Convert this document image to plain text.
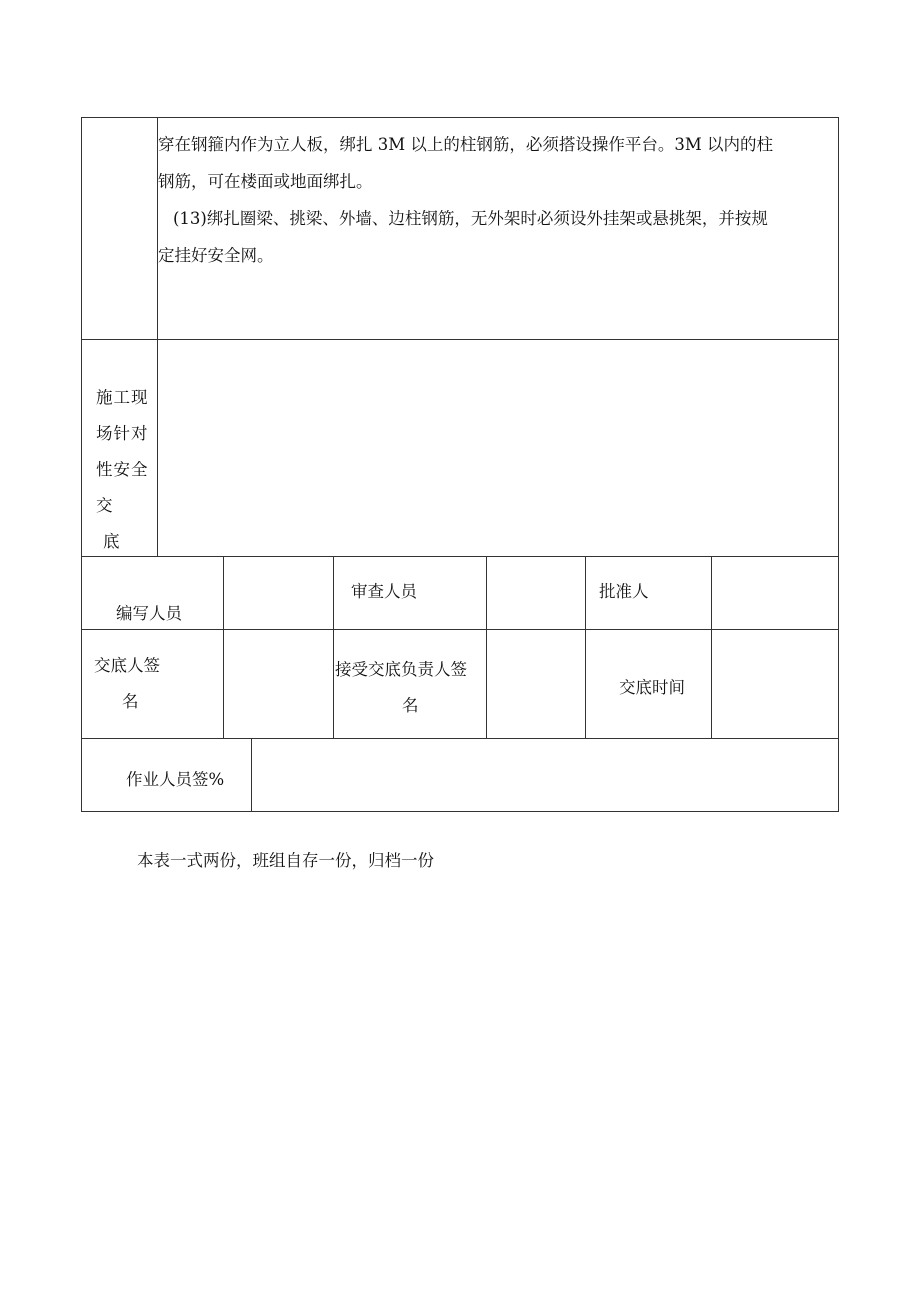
穿在钢箍内作为立人板，绑扎 3M 以上的柱钢筋，必须搭设操作平台。3M 以内的柱

钢筋，可在楼面或地面绑扎。

(13)绑扎圈梁、挑梁、外墙、边柱钢筋，无外架时必须设外挂架或悬挑架，并按规

定挂好安全网。

施工现
场针对
性安全
交
底
编写人员
审查人员	批准人
交底人签
名
接受交底负责人签
名
交底时间
作业人员签%
本表一式两份，班组自存一份，归档一份
